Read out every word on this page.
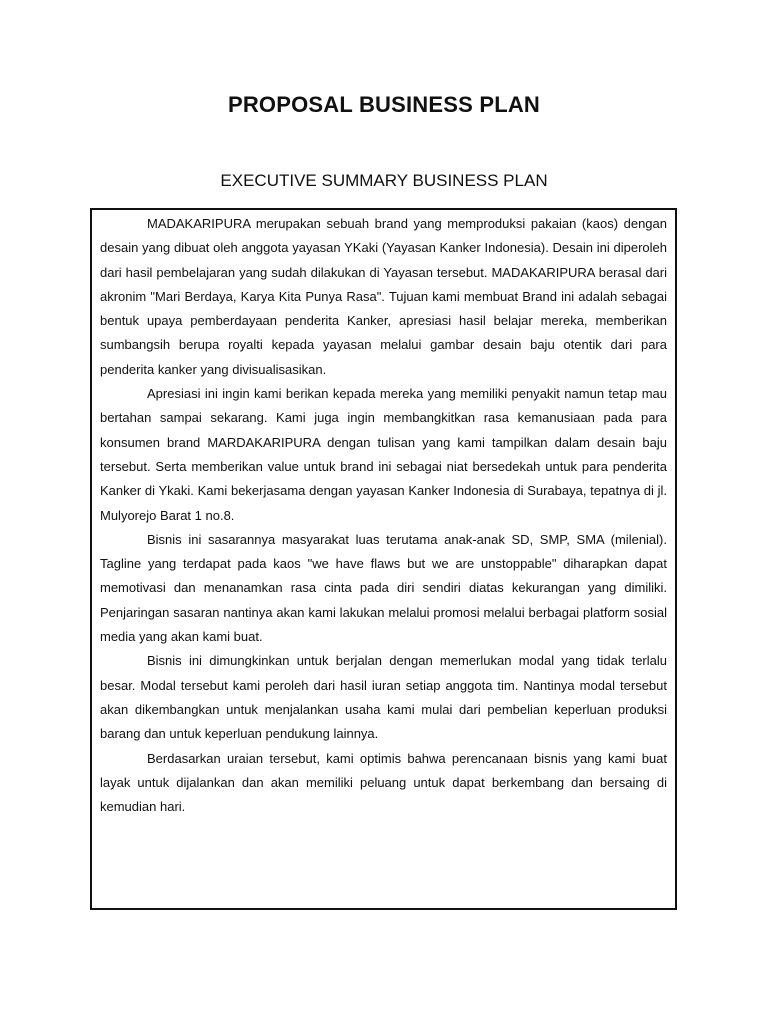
PROPOSAL BUSINESS PLAN
EXECUTIVE SUMMARY BUSINESS PLAN

MADAKARIPURA merupakan sebuah brand yang memproduksi pakaian (kaos) dengan desain yang dibuat oleh anggota yayasan YKaki (Yayasan Kanker Indonesia). Desain ini diperoleh dari hasil pembelajaran yang sudah dilakukan di Yayasan tersebut. MADAKARIPURA berasal dari akronim "Mari Berdaya, Karya Kita Punya Rasa". Tujuan kami membuat Brand ini adalah sebagai bentuk upaya pemberdayaan penderita Kanker, apresiasi hasil belajar mereka, memberikan sumbangsih berupa royalti kepada yayasan melalui gambar desain baju otentik dari para penderita kanker yang divisualisasikan.

Apresiasi ini ingin kami berikan kepada mereka yang memiliki penyakit namun tetap mau bertahan sampai sekarang. Kami juga ingin membangkitkan rasa kemanusiaan pada para konsumen brand MARDAKARIPURA dengan tulisan yang kami tampilkan dalam desain baju tersebut. Serta memberikan value untuk brand ini sebagai niat bersedekah untuk para penderita Kanker di Ykaki. Kami bekerjasama dengan yayasan Kanker Indonesia di Surabaya, tepatnya di jl. Mulyorejo Barat 1 no.8.

Bisnis ini sasarannya masyarakat luas terutama anak-anak SD, SMP, SMA (milenial). Tagline yang terdapat pada kaos "we have flaws but we are unstoppable" diharapkan dapat memotivasi dan menanamkan rasa cinta pada diri sendiri diatas kekurangan yang dimiliki. Penjaringan sasaran nantinya akan kami lakukan melalui promosi melalui berbagai platform sosial media yang akan kami buat.

Bisnis ini dimungkinkan untuk berjalan dengan memerlukan modal yang tidak terlalu besar. Modal tersebut kami peroleh dari hasil iuran setiap anggota tim. Nantinya modal tersebut akan dikembangkan untuk menjalankan usaha kami mulai dari pembelian keperluan produksi barang dan untuk keperluan pendukung lainnya.

Berdasarkan uraian tersebut, kami optimis bahwa perencanaan bisnis yang kami buat layak untuk dijalankan dan akan memiliki peluang untuk dapat berkembang dan bersaing di kemudian hari.
